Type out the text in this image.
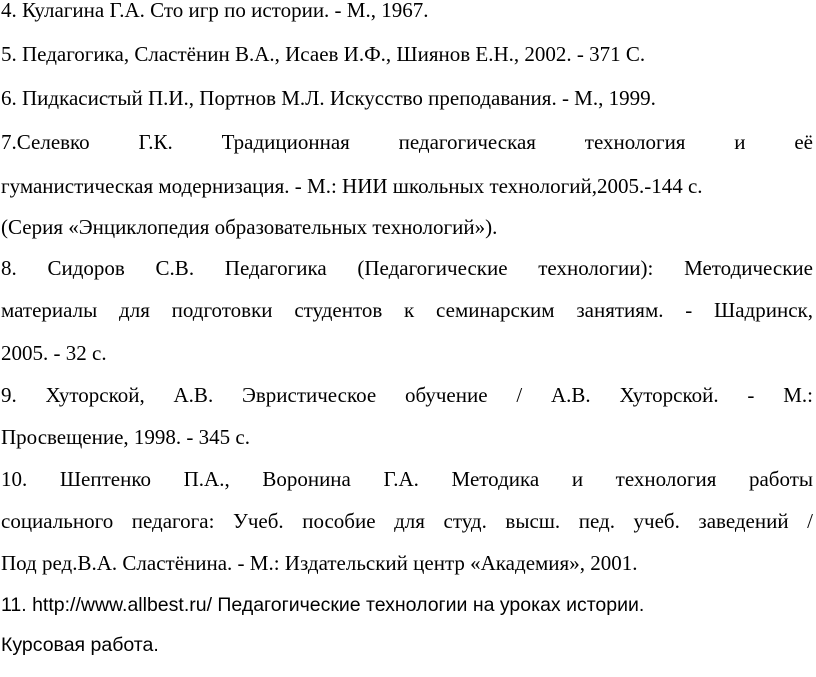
4. Кулагина Г.А. Сто игр по истории. - М., 1967.
5. Педагогика, Сластёнин В.А., Исаев И.Ф., Шиянов Е.Н., 2002. - 371 С.
6. Пидкасистый П.И., Портнов М.Л. Искусство преподавания. - М., 1999.
7.Селевко Г.К. Традиционная педагогическая технология и её
гуманистическая модернизация. - М.: НИИ школьных технологий,2005.-144 с.
(Серия «Энциклопедия образовательных технологий»).
8. Сидоров С.В. Педагогика (Педагогические технологии): Методические
материалы для подготовки студентов к семинарским занятиям. - Шадринск,
2005. - 32 с.
9. Хуторской, А.В. Эвристическое обучение / А.В. Хуторской. - М.:
Просвещение, 1998. - 345 с.
10. Шептенко П.А., Воронина Г.А. Методика и технология работы
социального педагога: Учеб. пособие для студ. высш. пед. учеб. заведений /
Под ред.В.А. Сластёнина. - М.: Издательский центр «Академия», 2001.
11. http://www.allbest.ru/ Педагогические технологии на уроках истории.
Курсовая работа.
